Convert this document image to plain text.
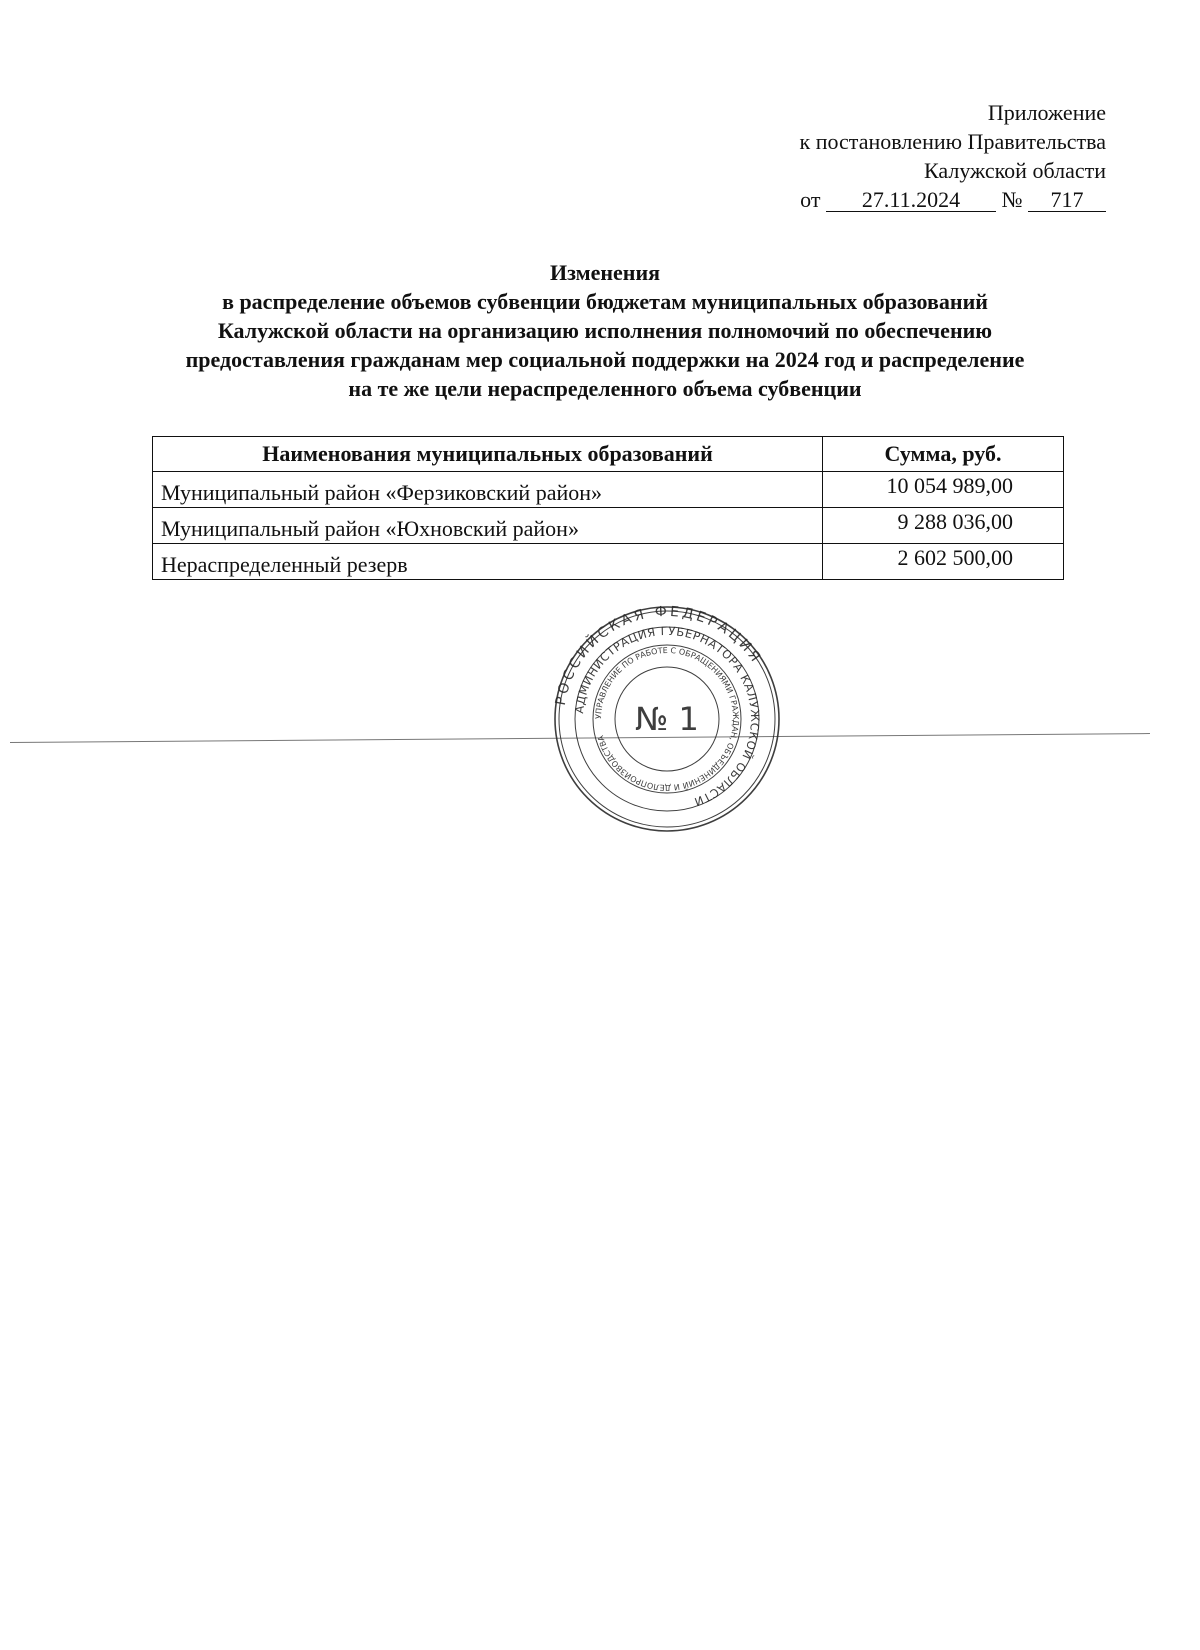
Приложение
к постановлению Правительства
Калужской области
от 27.11.2024 № 717
Изменения
в распределение объемов субвенции бюджетам муниципальных образований
Калужской области на организацию исполнения полномочий по обеспечению
предоставления гражданам мер социальной поддержки на 2024 год и распределение
на те же цели нераспределенного объема субвенции
Наименования муниципальных образований	Сумма, руб.
Муниципальный район «Ферзиковский район»	10 054 989,00
Муниципальный район «Юхновский район»	9 288 036,00
Нераспределенный резерв	2 602 500,00
РОССИЙСКАЯ ФЕДЕРАЦИЯ
АДМИНИСТРАЦИЯ ГУБЕРНАТОРА КАЛУЖСКОЙ ОБЛАСТИ
УПРАВЛЕНИЕ ПО РАБОТЕ С ОБРАЩЕНИЯМИ ГРАЖДАН, ОБЪЕДИНЕНИЙ И ДЕЛОПРОИЗВОДСТВА
№ 1
